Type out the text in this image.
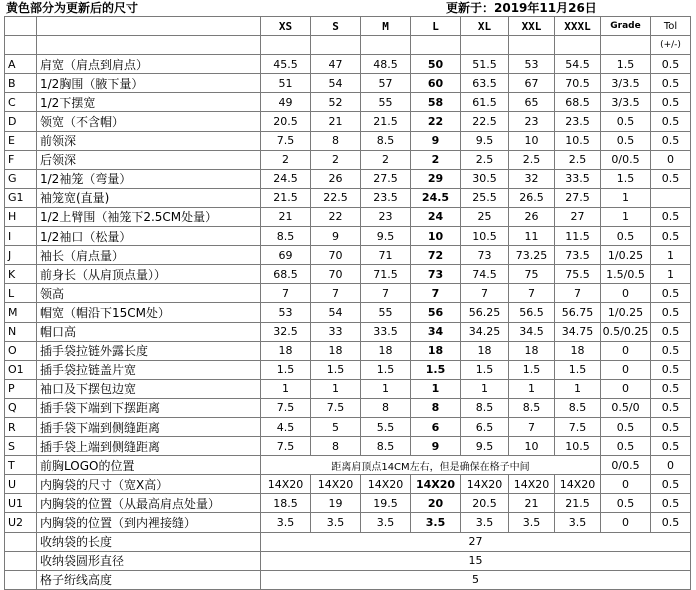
黄色部分为更新后的尺寸	更新于：2019年11月26日
		XS	S	M	L	XL	XXL	XXXL	Grade	Tol
										(+/-)
A	肩宽（肩点到肩点）	45.5	47	48.5	50	51.5	53	54.5	1.5	0.5
B	1/2胸围（腋下量）	51	54	57	60	63.5	67	70.5	3/3.5	0.5
C	1/2下摆宽	49	52	55	58	61.5	65	68.5	3/3.5	0.5
D	领宽（不含帽）	20.5	21	21.5	22	22.5	23	23.5	0.5	0.5
E	前领深	7.5	8	8.5	9	9.5	10	10.5	0.5	0.5
F	后领深	2	2	2	2	2.5	2.5	2.5	0/0.5	0
G	1/2袖笼（弯量）	24.5	26	27.5	29	30.5	32	33.5	1.5	0.5
G1	袖笼宽(直量)	21.5	22.5	23.5	24.5	25.5	26.5	27.5	1	
H	1/2上臂围（袖笼下2.5CM处量）	21	22	23	24	25	26	27	1	0.5
I	1/2袖口（松量）	8.5	9	9.5	10	10.5	11	11.5	0.5	0.5
J	袖长（肩点量）	69	70	71	72	73	73.25	73.5	1/0.25	1
K	前身长（从肩顶点量））	68.5	70	71.5	73	74.5	75	75.5	1.5/0.5	1
L	领高	7	7	7	7	7	7	7	0	0.5
M	帽宽（帽沿下15CM处）	53	54	55	56	56.25	56.5	56.75	1/0.25	0.5
N	帽口高	32.5	33	33.5	34	34.25	34.5	34.75	0.5/0.25	0.5
O	插手袋拉链外露长度	18	18	18	18	18	18	18	0	0.5
O1	插手袋拉链盖片宽	1.5	1.5	1.5	1.5	1.5	1.5	1.5	0	0.5
P	袖口及下摆包边宽	1	1	1	1	1	1	1	0	0.5
Q	插手袋下端到下摆距离	7.5	7.5	8	8	8.5	8.5	8.5	0.5/0	0.5
R	插手袋下端到侧缝距离	4.5	5	5.5	6	6.5	7	7.5	0.5	0.5
S	插手袋上端到侧缝距离	7.5	8	8.5	9	9.5	10	10.5	0.5	0.5
T	前胸LOGO的位置	距离肩顶点14CM左右，但是确保在格子中间							0/0.5	0
U	内胸袋的尺寸（宽X高）	14X20	14X20	14X20	14X20	14X20	14X20	14X20	0	0.5
U1	内胸袋的位置（从最高肩点处量）	18.5	19	19.5	20	20.5	21	21.5	0.5	0.5
U2	内胸袋的位置（到内裡接缝）	3.5	3.5	3.5	3.5	3.5	3.5	3.5	0	0.5
	收纳袋的长度	27								
	收纳袋圆形直径	15								
	格子绗线高度	5								
